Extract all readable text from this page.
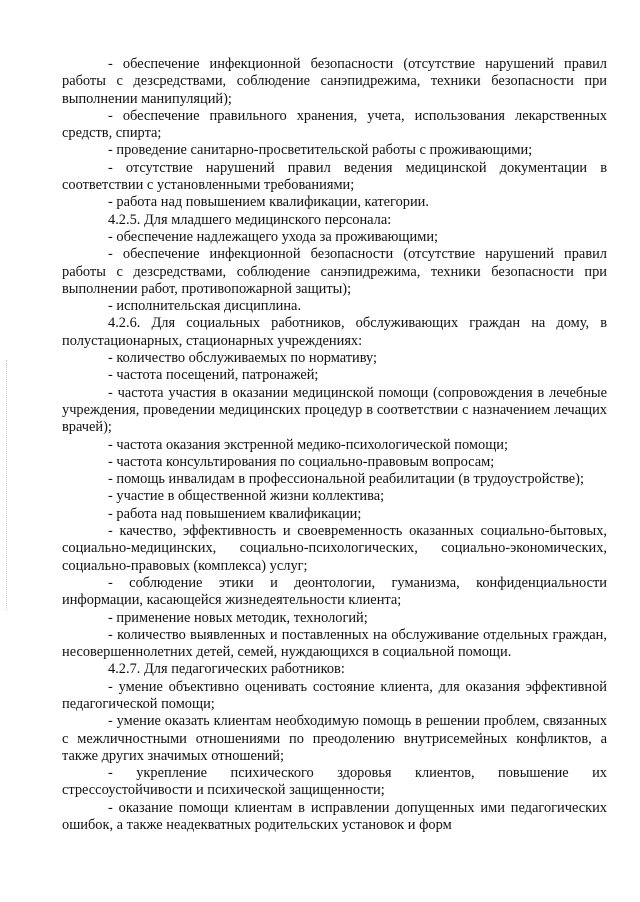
- обеспечение инфекционной безопасности (отсутствие нарушений правил работы с дезсредствами, соблюдение санэпидрежима, техники безопасности при выполнении манипуляций);

- обеспечение правильного хранения, учета, использования лекарственных средств, спирта;

- проведение санитарно-просветительской работы с проживающими;

- отсутствие нарушений правил ведения медицинской документации в соответствии с установленными требованиями;

- работа над повышением квалификации, категории.

4.2.5. Для младшего медицинского персонала:

- обеспечение надлежащего ухода за проживающими;

- обеспечение инфекционной безопасности (отсутствие нарушений правил работы с дезсредствами, соблюдение санэпидрежима, техники безопасности при выполнении работ, противопожарной защиты);

- исполнительская дисциплина.

4.2.6. Для социальных работников, обслуживающих граждан на дому, в полустационарных, стационарных учреждениях:

- количество обслуживаемых по нормативу;

- частота посещений, патронажей;

- частота участия в оказании медицинской помощи (сопровождения в лечебные учреждения, проведении медицинских процедур в соответствии с назначением лечащих врачей);

- частота оказания экстренной медико-психологической помощи;

- частота консультирования по социально-правовым вопросам;

- помощь инвалидам в профессиональной реабилитации (в трудоустройстве);

- участие в общественной жизни коллектива;

- работа над повышением квалификации;

- качество, эффективность и своевременность оказанных социально-бытовых, социально-медицинских, социально-психологических, социально-экономических, социально-правовых (комплекса) услуг;

- соблюдение этики и деонтологии, гуманизма, конфиденциальности информации, касающейся жизнедеятельности клиента;

- применение новых методик, технологий;

- количество выявленных и поставленных на обслуживание отдельных граждан, несовершеннолетних детей, семей, нуждающихся в социальной помощи.

4.2.7. Для педагогических работников:

- умение объективно оценивать состояние клиента, для оказания эффективной педагогической помощи;

- умение оказать клиентам необходимую помощь в решении проблем, связанных с межличностными отношениями по преодолению внутрисемейных конфликтов, а также других значимых отношений;

- укрепление психического здоровья клиентов, повышение их стрессоустойчивости и психической защищенности;

- оказание помощи клиентам в исправлении допущенных ими педагогических ошибок, а также неадекватных родительских установок и форм
